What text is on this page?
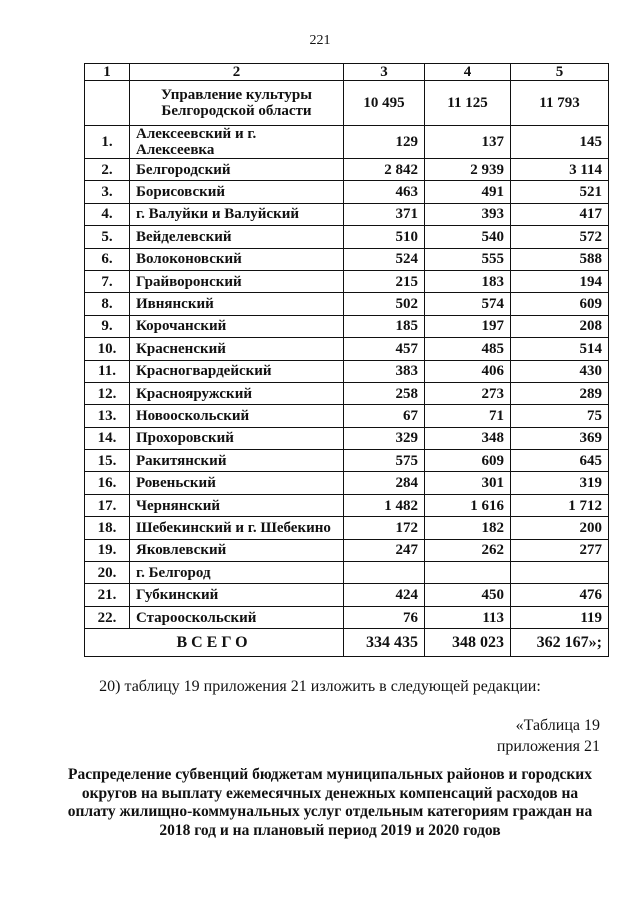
221
1	2	3	4	5
	Управление культуры Белгородской области	10 495	11 125	11 793
1.	Алексеевский и г. Алексеевка	129	137	145
2.	Белгородский	2 842	2 939	3 114
3.	Борисовский	463	491	521
4.	г. Валуйки и Валуйский	371	393	417
5.	Вейделевский	510	540	572
6.	Волоконовский	524	555	588
7.	Грайворонский	215	183	194
8.	Ивнянский	502	574	609
9.	Корочанский	185	197	208
10.	Красненский	457	485	514
11.	Красногвардейский	383	406	430
12.	Краснояружский	258	273	289
13.	Новооскольский	67	71	75
14.	Прохоровский	329	348	369
15.	Ракитянский	575	609	645
16.	Ровеньский	284	301	319
17.	Чернянский	1 482	1 616	1 712
18.	Шебекинский и г. Шебекино	172	182	200
19.	Яковлевский	247	262	277
20.	г. Белгород			
21.	Губкинский	424	450	476
22.	Старооскольский	76	113	119
ВСЕГО		334 435	348 023	362 167»;
20) таблицу 19 приложения 21 изложить в следующей редакции:
«Таблица 19
приложения 21
Распределение субвенций бюджетам муниципальных районов и городских округов на выплату ежемесячных денежных компенсаций расходов на оплату жилищно-коммунальных услуг отдельным категориям граждан на 2018 год и на плановый период 2019 и 2020 годов
